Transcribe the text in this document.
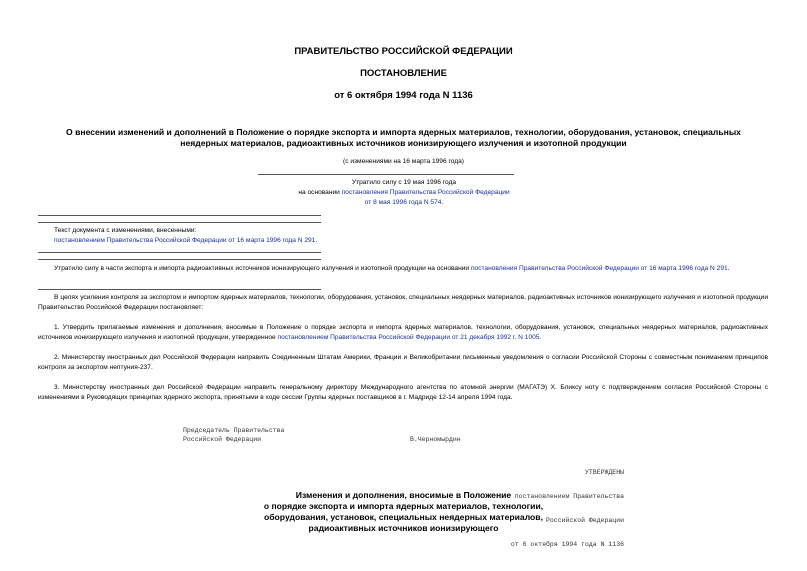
ПРАВИТЕЛЬСТВО РОССИЙСКОЙ ФЕДЕРАЦИИ
ПОСТАНОВЛЕНИЕ
от 6 октября 1994 года N 1136
О внесении изменений и дополнений в Положение о порядке экспорта и импорта ядерных материалов, технологии, оборудования, установок, специальных
неядерных материалов, радиоактивных источников ионизирующего излучения и изотопной продукции
(с изменениями на 16 марта 1996 года)
Утратило силу с 19 мая 1996 года
на основании постановления Правительства Российской Федерации
от 8 мая 1996 года N 574.
Текст документа с изменениями, внесенными:
постановлением Правительства Российской Федерации от 16 марта 1996 года N 291.

Утратило силу в части экспорта и импорта радиоактивных источников ионизирующего излучения и изотопной продукции на основании постановления Правительства Российской Федерации от 16 марта 1996 года N 291.

В целях усиления контроля за экспортом и импортом ядерных материалов, технологии, оборудования, установок, специальных неядерных материалов, радиоактивных источников ионизирующего излучения и изотопной продукции Правительство Российской Федерации постановляет:

1. Утвердить прилагаемые изменения и дополнения, вносимые в Положение о порядке экспорта и импорта ядерных материалов, технологии, оборудования, установок, специальных неядерных материалов, радиоактивных источников ионизирующего излучения и изотопной продукции, утвержденное постановлением Правительства Российской Федерации от 21 декабря 1992 г. N 1005.

2. Министерству иностранных дел Российской Федерации направить Соединенным Штатам Америки, Франции и Великобритании письменные уведомления о согласии Российской Стороны с совместным пониманием принципов контроля за экспортом нептуния-237.

3. Министерству иностранных дел Российской Федерации направить генеральному директору Международного агентства по атомной энергии (МАГАТЭ) Х. Бликсу ноту с подтверждением согласия Российской Стороны с изменениями в Руководящих принципах ядерного экспорта, принятыми в ходе сессии Группы ядерных поставщиков в г. Мадриде 12-14 апреля 1994 года.

Председатель Правительства
Российской Федерации	В.Черномырдин

УТВЕРЖДЕНЫ

постановлением Правительства

Российской Федерации

от 6 октября 1994 года N 1136

Изменения и дополнения, вносимые в Положение
о порядке экспорта и импорта ядерных материалов, технологии,
оборудования, установок, специальных неядерных материалов,
радиоактивных источников ионизирующего
